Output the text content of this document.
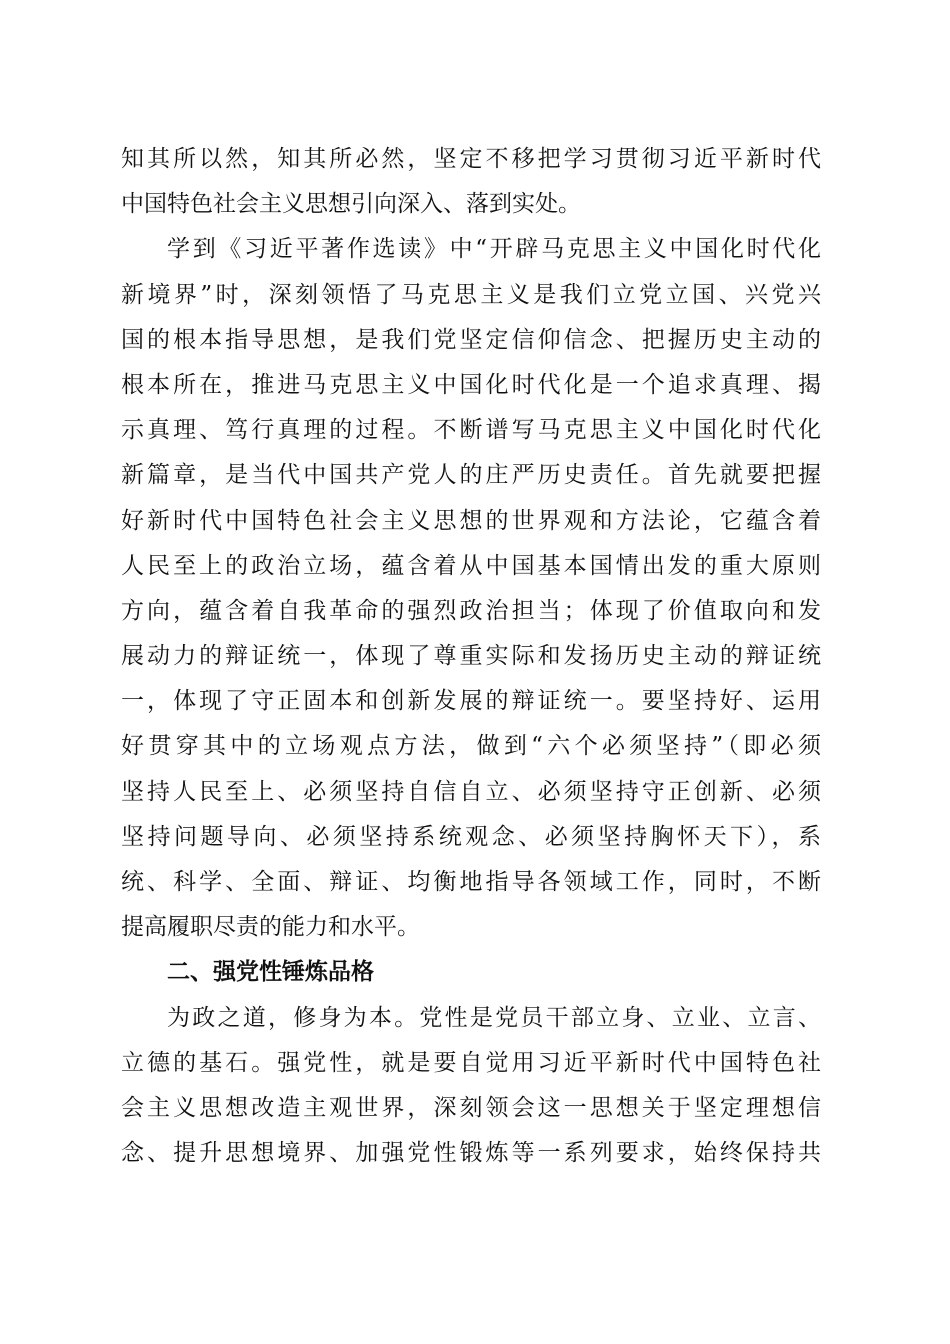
知其所以然，知其所必然，坚定不移把学习贯彻习近平新时代
中国特色社会主义思想引向深入、落到实处。
学到《习近平著作选读》中“开辟马克思主义中国化时代化
新境界”时，深刻领悟了马克思主义是我们立党立国、兴党兴
国的根本指导思想，是我们党坚定信仰信念、把握历史主动的
根本所在，推进马克思主义中国化时代化是一个追求真理、揭
示真理、笃行真理的过程。不断谱写马克思主义中国化时代化
新篇章，是当代中国共产党人的庄严历史责任。首先就要把握
好新时代中国特色社会主义思想的世界观和方法论，它蕴含着
人民至上的政治立场，蕴含着从中国基本国情出发的重大原则
方向，蕴含着自我革命的强烈政治担当；体现了价值取向和发
展动力的辩证统一，体现了尊重实际和发扬历史主动的辩证统
一，体现了守正固本和创新发展的辩证统一。要坚持好、运用
好贯穿其中的立场观点方法，做到“六个必须坚持”（即必须
坚持人民至上、必须坚持自信自立、必须坚持守正创新、必须
坚持问题导向、必须坚持系统观念、必须坚持胸怀天下），系
统、科学、全面、辩证、均衡地指导各领域工作，同时，不断
提高履职尽责的能力和水平。
二、强党性锤炼品格
为政之道，修身为本。党性是党员干部立身、立业、立言、
立德的基石。强党性，就是要自觉用习近平新时代中国特色社
会主义思想改造主观世界，深刻领会这一思想关于坚定理想信
念、提升思想境界、加强党性锻炼等一系列要求，始终保持共
